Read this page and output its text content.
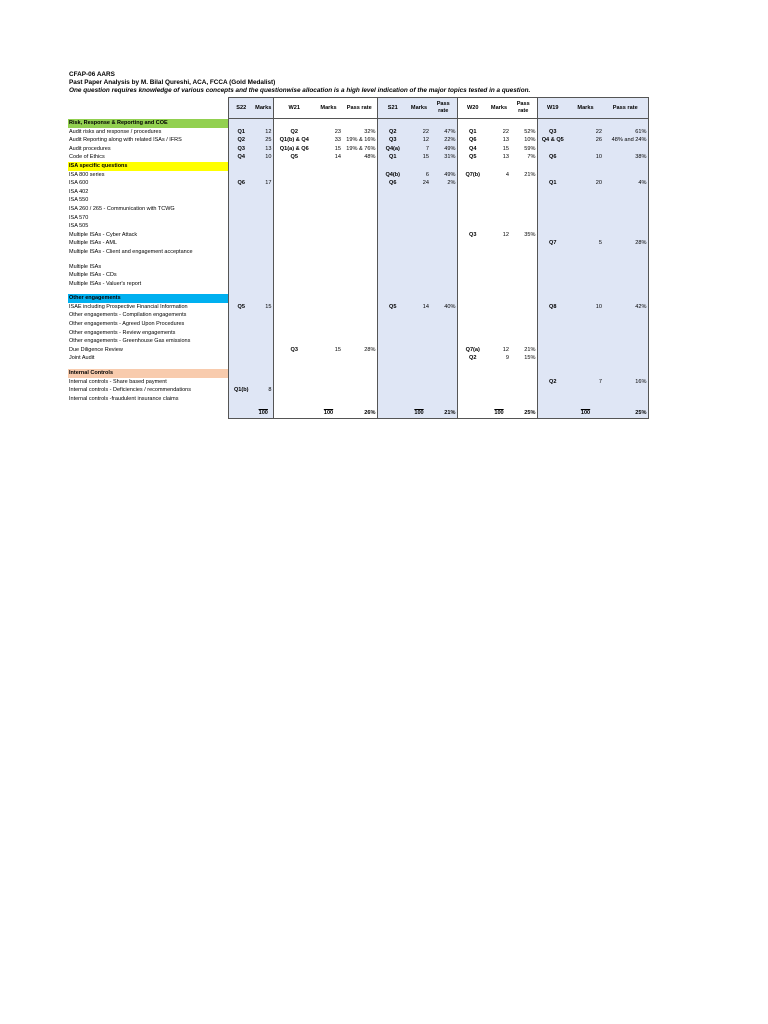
CFAP-06 AARS
Past Paper Analysis by M. Bilal Qureshi, ACA, FCCA (Gold Medalist)
One question requires knowledge of various concepts and the questionwise allocation is a high level indication of the major topics tested in a question.
	S22	Marks	W21	Marks	Pass rate	S21	Marks	Pass rate	W20	Marks	Pass rate	W19	Marks	Pass rate
Risk, Response & Reporting and COE														
Audit risks and response / procedures	Q1	12	Q2	23	32%	Q2	22	47%	Q1	22	52%	Q3	22	61%
Audit Reporting along with related ISAs / IFRS	Q2	25	Q1(b) & Q4	33	19% & 16%	Q3	12	22%	Q6	13	10%	Q4 & Q5	26	48% and 24%
Audit procedures	Q3	13	Q1(a) & Q6	15	19% & 76%	Q4(a)	7	49%	Q4	15	59%			
Code of Ethics	Q4	10	Q5	14	48%	Q1	15	31%	Q5	13	7%	Q6	10	38%
ISA specific questions														
ISA 800 series						Q4(b)	6	49%	Q7(b)	4	21%			
ISA 600	Q6	17				Q6	24	2%				Q1	20	4%
ISA 402														
ISA 550														
ISA 260 / 265 - Communication with TCWG														
ISA 570														
ISA 505														
Multiple ISAs - Cyber Attack									Q3	12	35%			
Multiple ISAs - AML												Q7	5	28%
Multiple ISAs - Client and engagement acceptance														

Multiple ISAs														
Multiple ISAs - CDs														
Multiple ISAs - Valuer's report														

Other engagements														
ISAE including Prospective Financial Information	Q5	15				Q5	14	40%				Q8	10	42%
Other engagements - Compilation engagements														
Other engagements - Agreed Upon Procedures														
Other engagements - Review engagements														
Other engagements - Greenhouse Gas emissions														
Due Diligence Review			Q3	15	28%				Q7(a)	12	21%			
Joint Audit									Q2	9	15%			

Internal Controls														
Internal controls - Share based payment												Q2	7	16%
Internal controls - Deficiencies / recommendations	Q1(b)	8												
Internal controls -fraudulent insurance claims														

		100		100	26%		100	21%		100	25%		100	25%
